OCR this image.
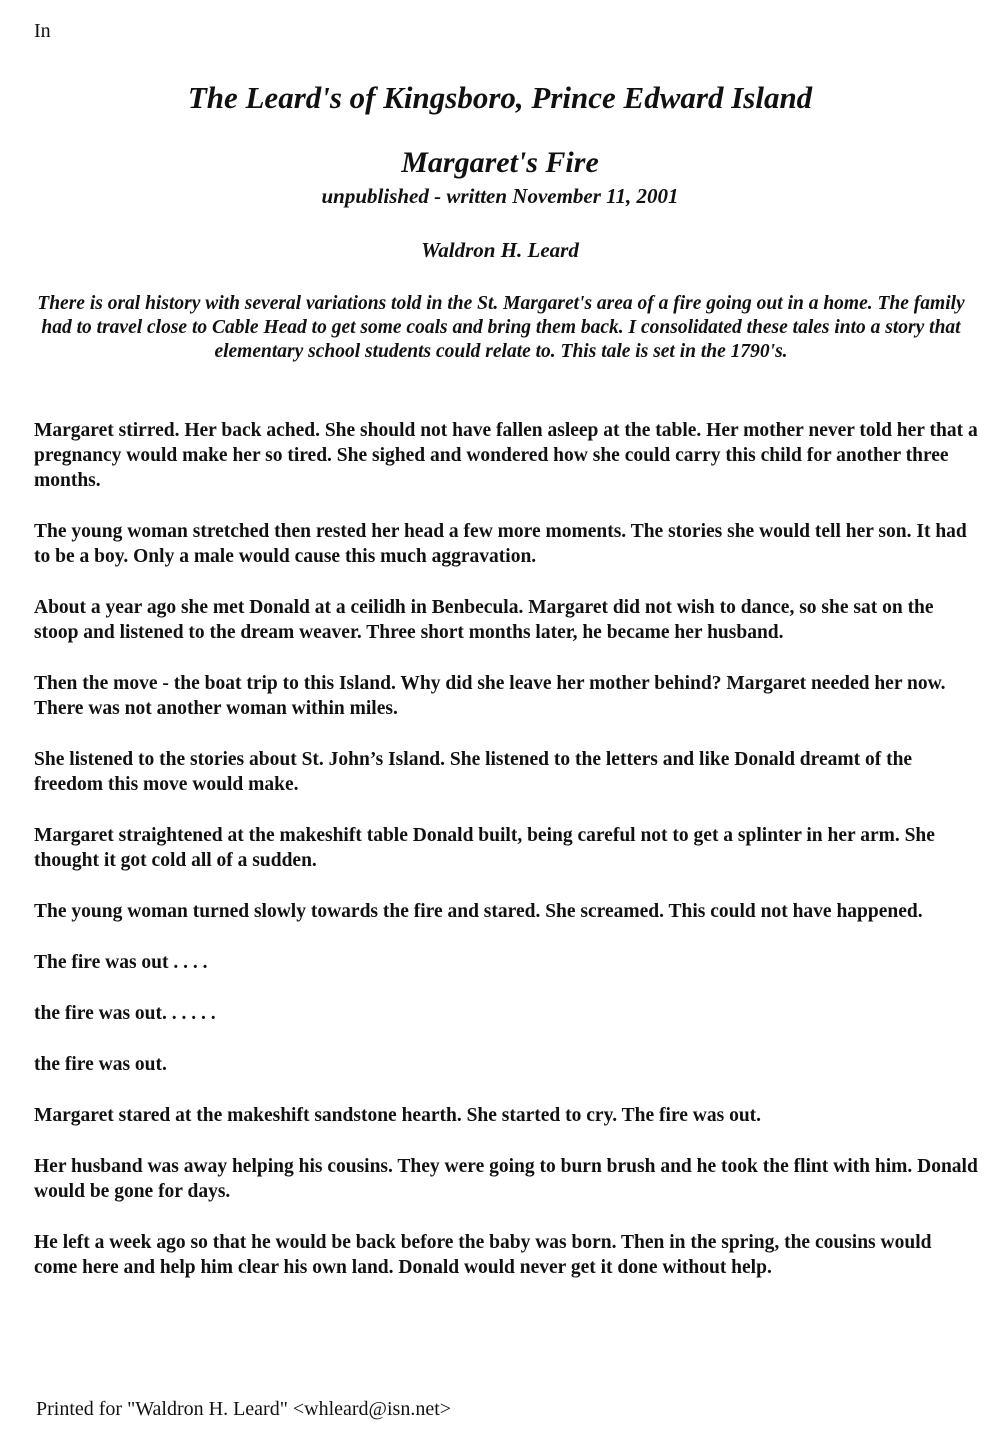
In
The Leard's of Kingsboro, Prince Edward Island
Margaret's Fire
unpublished - written November 11, 2001
Waldron H. Leard

There is oral history with several variations told in the St. Margaret's area of a fire going out in a home. The family had to travel close to Cable Head to get some coals and bring them back. I consolidated these tales into a story that elementary school students could relate to. This tale is set in the 1790's.

Margaret stirred. Her back ached. She should not have fallen asleep at the table. Her mother never told her that a pregnancy would make her so tired. She sighed and wondered how she could carry this child for another three months.

The young woman stretched then rested her head a few more moments. The stories she would tell her son. It had to be a boy. Only a male would cause this much aggravation.

About a year ago she met Donald at a ceilidh in Benbecula. Margaret did not wish to dance, so she sat on the stoop and listened to the dream weaver. Three short months later, he became her husband.

Then the move - the boat trip to this Island. Why did she leave her mother behind? Margaret needed her now. There was not another woman within miles.

She listened to the stories about St. John’s Island. She listened to the letters and like Donald dreamt of the freedom this move would make.

Margaret straightened at the makeshift table Donald built, being careful not to get a splinter in her arm. She thought it got cold all of a sudden.

The young woman turned slowly towards the fire and stared. She screamed. This could not have happened.

The fire was out . . . .

the fire was out. . . . . .

the fire was out.

Margaret stared at the makeshift sandstone hearth. She started to cry. The fire was out.

Her husband was away helping his cousins. They were going to burn brush and he took the flint with him. Donald would be gone for days.

He left a week ago so that he would be back before the baby was born. Then in the spring, the cousins would come here and help him clear his own land. Donald would never get it done without help.

Printed for "Waldron H. Leard" <whleard@isn.net>
